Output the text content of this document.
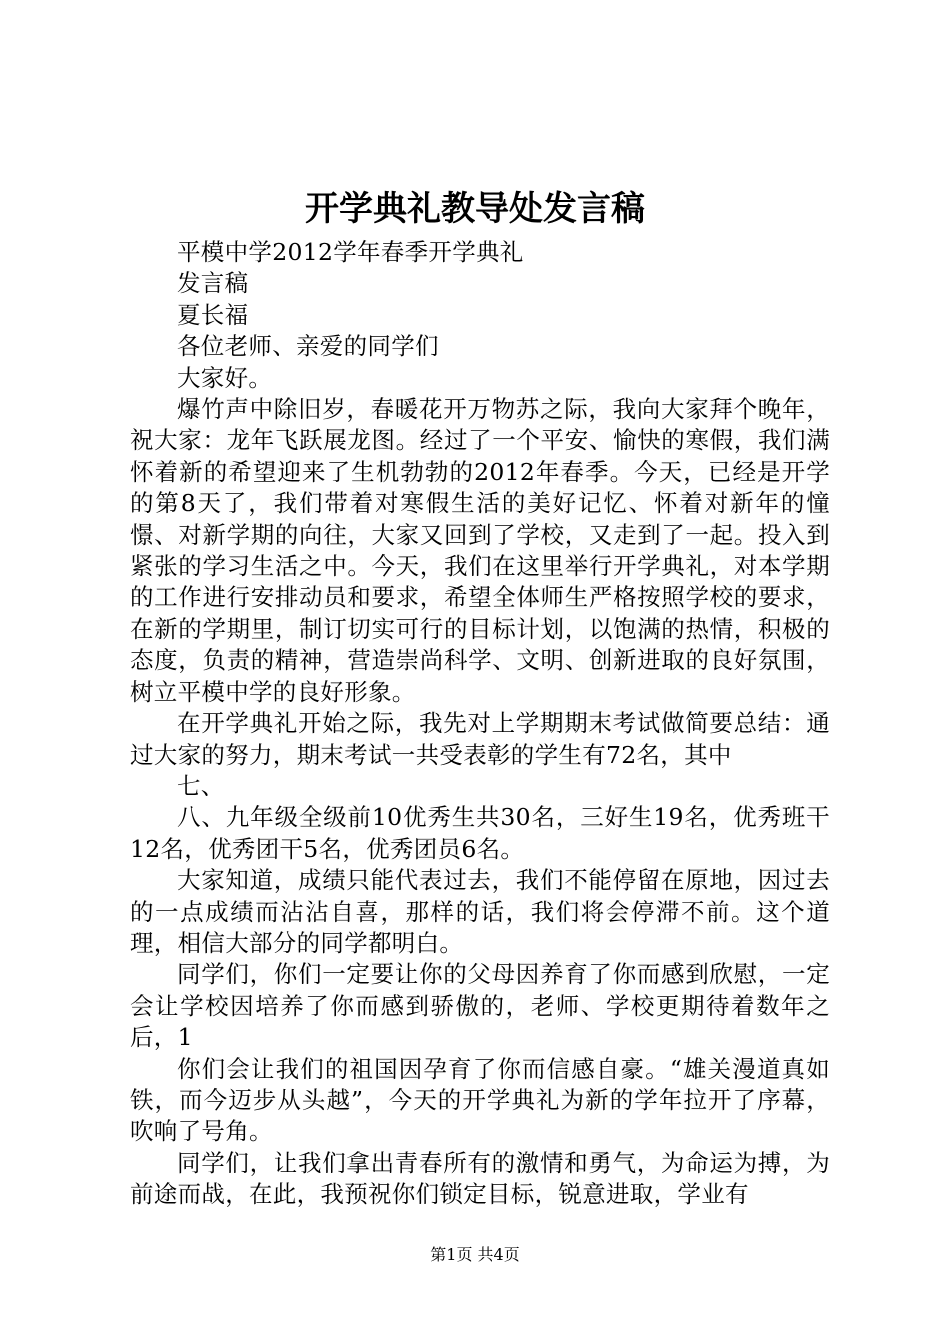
开学典礼教导处发言稿

平模中学2012学年春季开学典礼

发言稿

夏长福

各位老师、亲爱的同学们

大家好。

爆竹声中除旧岁，春暖花开万物苏之际，我向大家拜个晚年，祝大家：龙年飞跃展龙图。经过了一个平安、愉快的寒假，我们满怀着新的希望迎来了生机勃勃的2012年春季。今天，已经是开学的第8天了，我们带着对寒假生活的美好记忆、怀着对新年的憧憬、对新学期的向往，大家又回到了学校，又走到了一起。投入到紧张的学习生活之中。今天，我们在这里举行开学典礼，对本学期的工作进行安排动员和要求，希望全体师生严格按照学校的要求，在新的学期里，制订切实可行的目标计划，以饱满的热情，积极的态度，负责的精神，营造崇尚科学、文明、创新进取的良好氛围，树立平模中学的良好形象。

在开学典礼开始之际，我先对上学期期末考试做简要总结：通过大家的努力，期末考试一共受表彰的学生有72名，其中

七、

八、九年级全级前10优秀生共30名，三好生19名，优秀班干12名，优秀团干5名，优秀团员6名。

大家知道，成绩只能代表过去，我们不能停留在原地，因过去的一点成绩而沾沾自喜，那样的话，我们将会停滞不前。这个道理，相信大部分的同学都明白。

同学们，你们一定要让你的父母因养育了你而感到欣慰，一定会让学校因培养了你而感到骄傲的，老师、学校更期待着数年之后，1

你们会让我们的祖国因孕育了你而信感自豪。“雄关漫道真如铁，而今迈步从头越”，今天的开学典礼为新的学年拉开了序幕，吹响了号角。

同学们，让我们拿出青春所有的激情和勇气，为命运为搏，为前途而战，在此，我预祝你们锁定目标，锐意进取，学业有

第1页 共4页
